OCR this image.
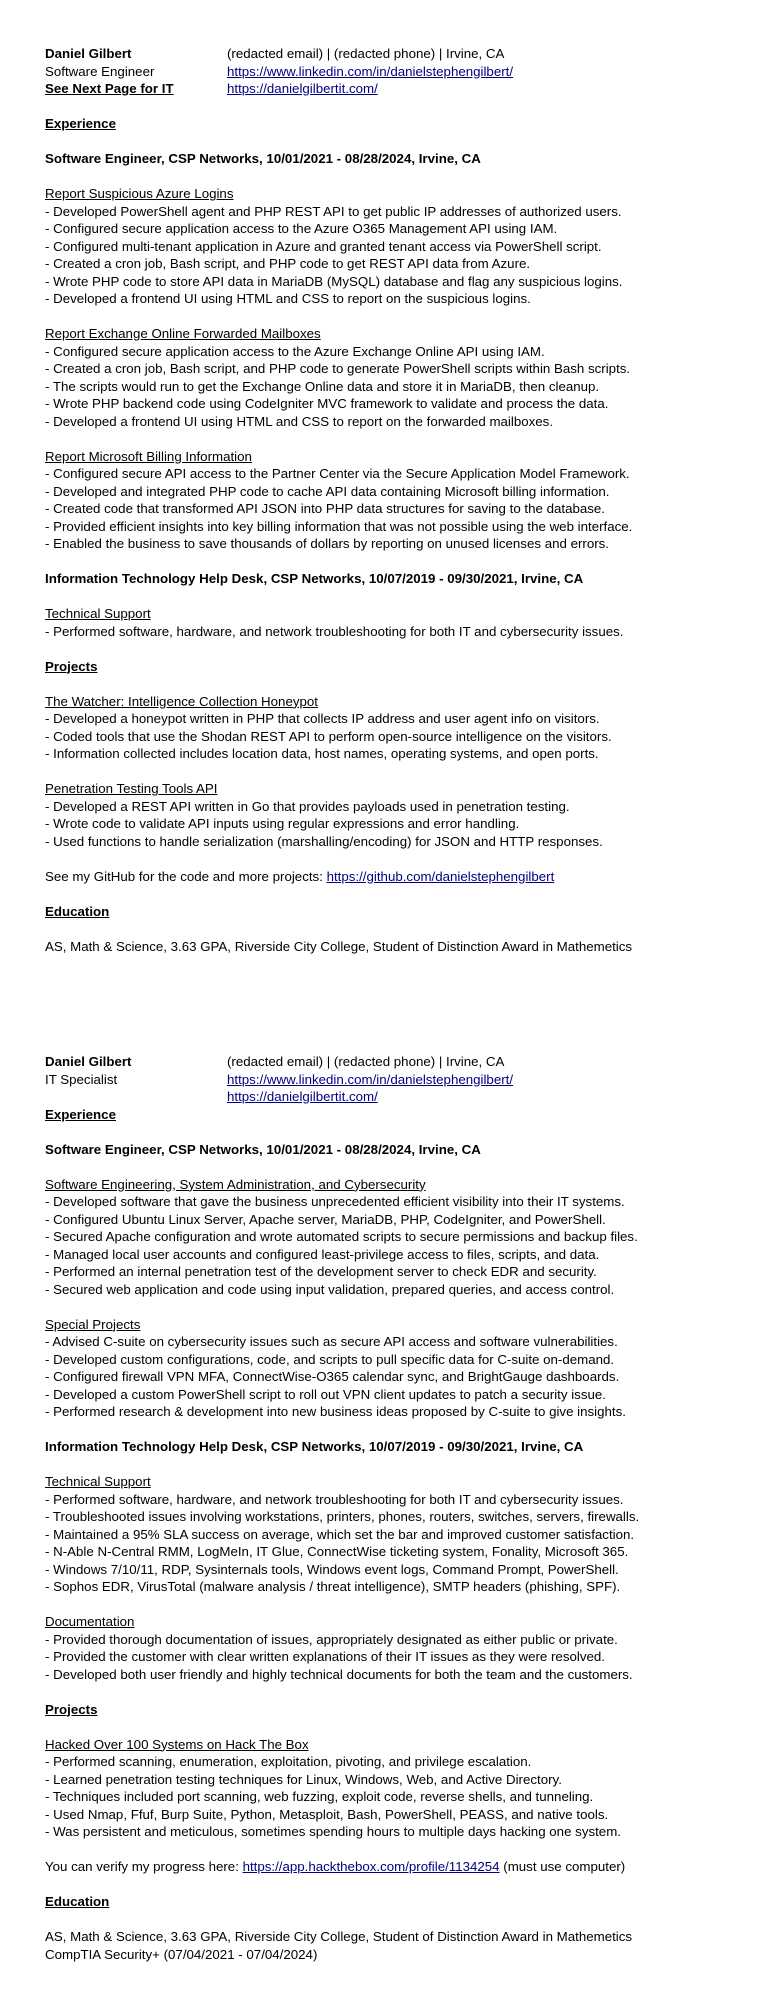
Daniel Gilbert	(redacted email) | (redacted phone) | Irvine, CA
Software Engineer	https://www.linkedin.com/in/danielstephengilbert/
See Next Page for IT	https://danielgilbertit.com/
Experience
Software Engineer, CSP Networks, 10/01/2021 - 08/28/2024, Irvine, CA
Report Suspicious Azure Logins
- Developed PowerShell agent and PHP REST API to get public IP addresses of authorized users.
- Configured secure application access to the Azure O365 Management API using IAM.
- Configured multi-tenant application in Azure and granted tenant access via PowerShell script.
- Created a cron job, Bash script, and PHP code to get REST API data from Azure.
- Wrote PHP code to store API data in MariaDB (MySQL) database and flag any suspicious logins.
- Developed a frontend UI using HTML and CSS to report on the suspicious logins.
Report Exchange Online Forwarded Mailboxes
- Configured secure application access to the Azure Exchange Online API using IAM.
- Created a cron job, Bash script, and PHP code to generate PowerShell scripts within Bash scripts.
- The scripts would run to get the Exchange Online data and store it in MariaDB, then cleanup.
- Wrote PHP backend code using CodeIgniter MVC framework to validate and process the data.
- Developed a frontend UI using HTML and CSS to report on the forwarded mailboxes.
Report Microsoft Billing Information
- Configured secure API access to the Partner Center via the Secure Application Model Framework.
- Developed and integrated PHP code to cache API data containing Microsoft billing information.
- Created code that transformed API JSON into PHP data structures for saving to the database.
- Provided efficient insights into key billing information that was not possible using the web interface.
- Enabled the business to save thousands of dollars by reporting on unused licenses and errors.
Information Technology Help Desk, CSP Networks, 10/07/2019 - 09/30/2021, Irvine, CA
Technical Support
- Performed software, hardware, and network troubleshooting for both IT and cybersecurity issues.
Projects
The Watcher: Intelligence Collection Honeypot
- Developed a honeypot written in PHP that collects IP address and user agent info on visitors.
- Coded tools that use the Shodan REST API to perform open-source intelligence on the visitors.
- Information collected includes location data, host names, operating systems, and open ports.
Penetration Testing Tools API
- Developed a REST API written in Go that provides payloads used in penetration testing.
- Wrote code to validate API inputs using regular expressions and error handling.
- Used functions to handle serialization (marshalling/encoding) for JSON and HTTP responses.
See my GitHub for the code and more projects: https://github.com/danielstephengilbert
Education
AS, Math & Science, 3.63 GPA, Riverside City College, Student of Distinction Award in Mathemetics
Daniel Gilbert	(redacted email) | (redacted phone) | Irvine, CA
IT Specialist	https://www.linkedin.com/in/danielstephengilbert/
https://danielgilbertit.com/
Experience
Software Engineer, CSP Networks, 10/01/2021 - 08/28/2024, Irvine, CA
Software Engineering, System Administration, and Cybersecurity
- Developed software that gave the business unprecedented efficient visibility into their IT systems.
- Configured Ubuntu Linux Server, Apache server, MariaDB, PHP, CodeIgniter, and PowerShell.
- Secured Apache configuration and wrote automated scripts to secure permissions and backup files.
- Managed local user accounts and configured least-privilege access to files, scripts, and data.
- Performed an internal penetration test of the development server to check EDR and security.
- Secured web application and code using input validation, prepared queries, and access control.
Special Projects
- Advised C-suite on cybersecurity issues such as secure API access and software vulnerabilities.
- Developed custom configurations, code, and scripts to pull specific data for C-suite on-demand.
- Configured firewall VPN MFA, ConnectWise-O365 calendar sync, and BrightGauge dashboards.
- Developed a custom PowerShell script to roll out VPN client updates to patch a security issue.
- Performed research & development into new business ideas proposed by C-suite to give insights.
Information Technology Help Desk, CSP Networks, 10/07/2019 - 09/30/2021, Irvine, CA
Technical Support
- Performed software, hardware, and network troubleshooting for both IT and cybersecurity issues.
- Troubleshooted issues involving workstations, printers, phones, routers, switches, servers, firewalls.
- Maintained a 95% SLA success on average, which set the bar and improved customer satisfaction.
- N-Able N-Central RMM, LogMeIn, IT Glue, ConnectWise ticketing system, Fonality, Microsoft 365.
- Windows 7/10/11, RDP, Sysinternals tools, Windows event logs, Command Prompt, PowerShell.
- Sophos EDR, VirusTotal (malware analysis / threat intelligence), SMTP headers (phishing, SPF).
Documentation
- Provided thorough documentation of issues, appropriately designated as either public or private.
- Provided the customer with clear written explanations of their IT issues as they were resolved.
- Developed both user friendly and highly technical documents for both the team and the customers.
Projects
Hacked Over 100 Systems on Hack The Box
- Performed scanning, enumeration, exploitation, pivoting, and privilege escalation.
- Learned penetration testing techniques for Linux, Windows, Web, and Active Directory.
- Techniques included port scanning, web fuzzing, exploit code, reverse shells, and tunneling.
- Used Nmap, Ffuf, Burp Suite, Python, Metasploit, Bash, PowerShell, PEASS, and native tools.
- Was persistent and meticulous, sometimes spending hours to multiple days hacking one system.
You can verify my progress here: https://app.hackthebox.com/profile/1134254 (must use computer)
Education
AS, Math & Science, 3.63 GPA, Riverside City College, Student of Distinction Award in Mathemetics
CompTIA Security+ (07/04/2021 - 07/04/2024)
